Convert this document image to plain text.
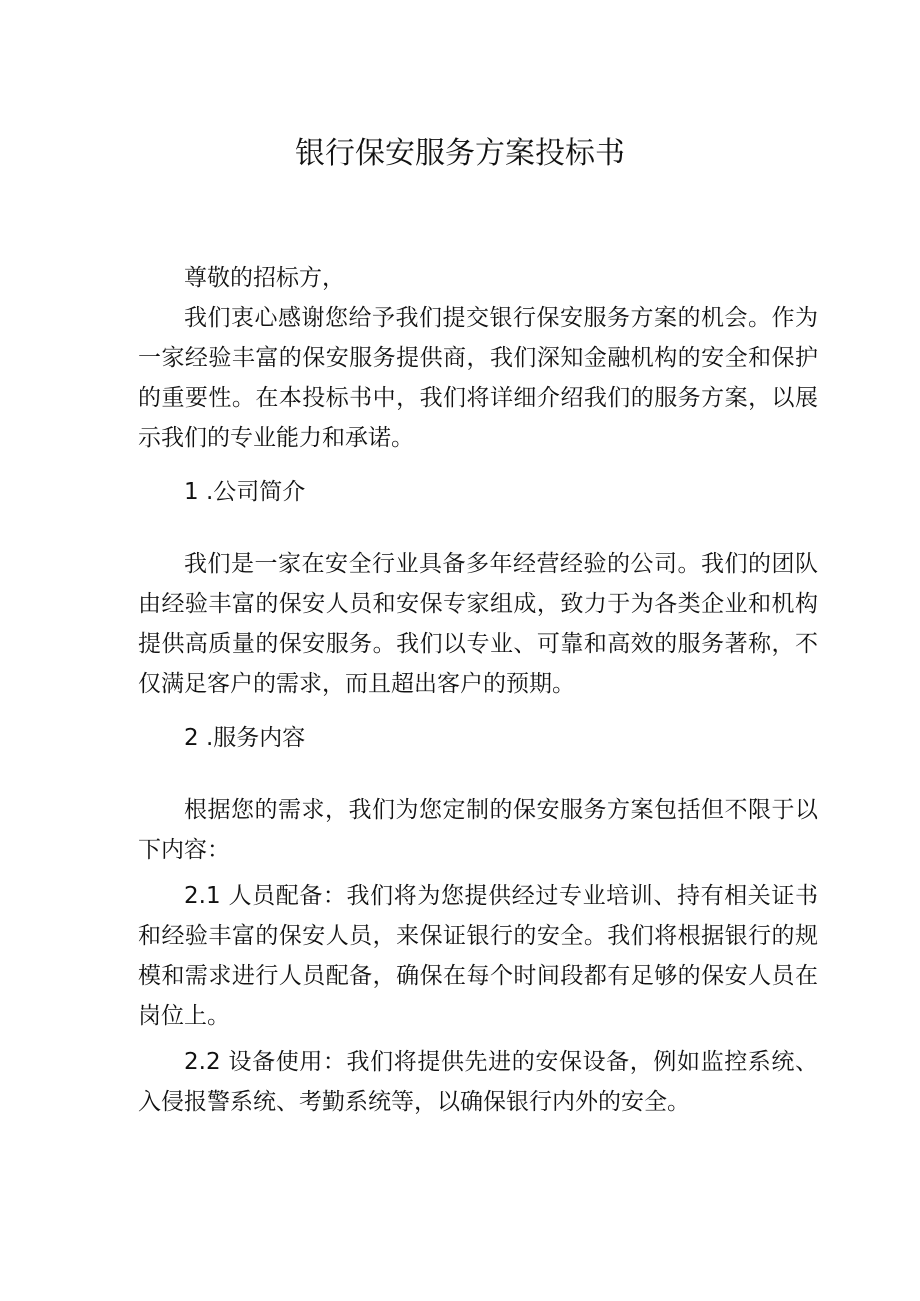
银行保安服务方案投标书

尊敬的招标方，

我们衷心感谢您给予我们提交银行保安服务方案的机会。作为一家经验丰富的保安服务提供商，我们深知金融机构的安全和保护的重要性。在本投标书中，我们将详细介绍我们的服务方案，以展示我们的专业能力和承诺。

1 .公司简介

我们是一家在安全行业具备多年经营经验的公司。我们的团队由经验丰富的保安人员和安保专家组成，致力于为各类企业和机构提供高质量的保安服务。我们以专业、可靠和高效的服务著称，不仅满足客户的需求，而且超出客户的预期。

2 .服务内容

根据您的需求，我们为您定制的保安服务方案包括但不限于以下内容：

2.1 人员配备：我们将为您提供经过专业培训、持有相关证书和经验丰富的保安人员，来保证银行的安全。我们将根据银行的规模和需求进行人员配备，确保在每个时间段都有足够的保安人员在岗位上。

2.2 设备使用：我们将提供先进的安保设备，例如监控系统、入侵报警系统、考勤系统等，以确保银行内外的安全。
